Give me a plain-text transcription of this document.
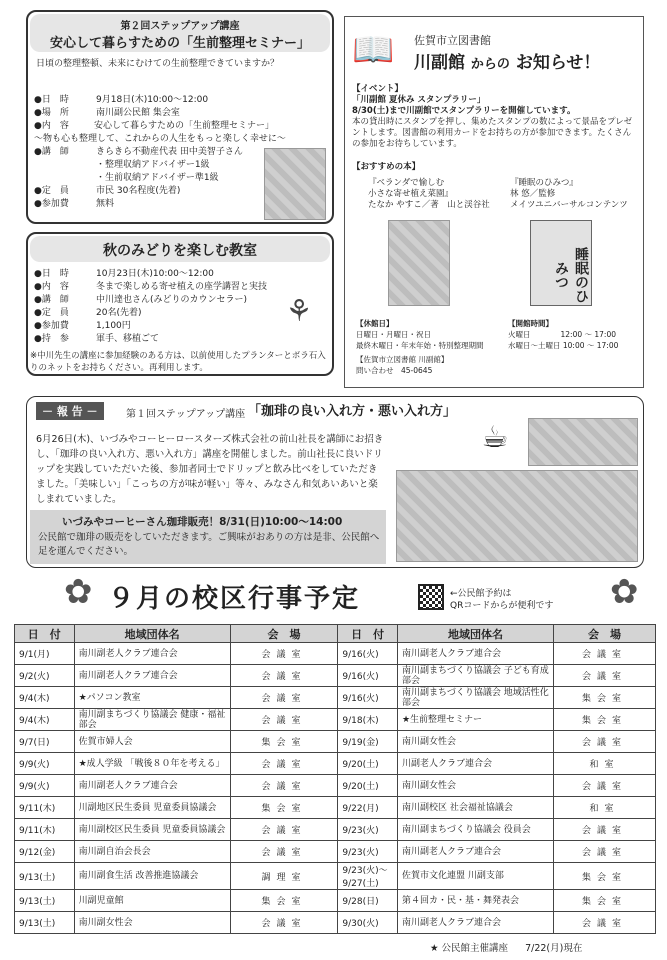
第２回ステップアップ講座
安心して暮らすための「生前整理セミナー」
日頃の整理整頓、未来にむけての生前整理できていますか？
●日　時	9月18日(木)10:00～12:00
●場　所	南川副公民館 集会室
●内　容	安心して暮らすための「生前整理セミナー」
～物も心も整理して、これからの人生をもっと楽しく幸せに～
●講　師	きらきら不動産代表 田中美智子さん
・整理収納アドバイザー1級
・生前収納アドバイザー準1級
●定　員	市民 30名程度(先着)
●参加費	無料
秋のみどりを楽しむ教室
●日　時	10月23日(木)10:00～12:00
●内　容	冬まで楽しめる寄せ植えの座学講習と実技
●講　師	中川達也さん(みどりのカウンセラー)
●定　員	20名(先着)
●参加費	1,100円
●持　参	軍手、移植ごて
※中川先生の講座に参加経験のある方は、以前使用したプランターとボラ石入りのネットをお持ちください。再利用します。
⚘
📖	佐賀市立図書館
川副館 からの お知らせ！
【イベント】
「川副館 夏休み スタンプラリー」
8/30(土)まで川副館でスタンプラリーを開催しています。
本の貸出時にスタンプを押し、集めたスタンプの数によって景品をプレゼントします。図書館の利用カードをお持ちの方が参加できます。たくさんの参加をお待ちしています。
【おすすめの本】
『ベランダで愉しむ
小さな寄せ植え菜園』
たなか やすこ／著　山と渓谷社
『睡眠のひみつ』
林 悠／監修
メイツユニバーサルコンテンツ
睡眠のひみつ
【休館日】
日曜日・月曜日・祝日
最終木曜日・年末年始・特別整理期間
【開館時間】
火曜日　　　　12:00 ～ 17:00
水曜日～土曜日 10:00 ～ 17:00
【佐賀市立図書館 川副館】
問い合わせ　45-0645
－ 報 告 －	第１回ステップアップ講座 「珈琲の良い入れ方・悪い入れ方」
6月26日(木)、いづみやコーヒーロースターズ株式会社の前山社長を講師にお招きし、「珈琲の良い入れ方、悪い入れ方」講座を開催しました。前山社長に良いドリップを実践していただいた後、参加者同士でドリップと飲み比べをしていただきました。「美味しい」「こっちの方が味が軽い」等々、みなさん和気あいあいと楽しまれていました。
☕
いづみやコーヒーさん珈琲販売！8/31(日)10:00～14:00
公民館で珈琲の販売をしていただきます。ご興味がおありの方は是非、公民館へ足を運んでください。
✿	✿
９月の校区行事予定	←公民館予約は
QRコードからが便利です
日　付	地域団体名	会　場	日　付	地域団体名	会　場
9/1(月)	南川副老人クラブ連合会	会議室	9/16(火)	南川副老人クラブ連合会	会議室
9/2(火)	南川副老人クラブ連合会	会議室	9/16(火)	南川副まちづくり協議会 子ども育成部会	会議室
9/4(木)	★パソコン教室	会議室	9/16(火)	南川副まちづくり協議会 地域活性化部会	集会室
9/4(木)	南川副まちづくり協議会 健康・福祉部会	会議室	9/18(木)	★生前整理セミナー	集会室
9/7(日)	佐賀市婦人会	集会室	9/19(金)	南川副女性会	会議室
9/9(火)	★成人学級 「戦後８０年を考える」	会議室	9/20(土)	川副老人クラブ連合会	和室
9/9(火)	南川副老人クラブ連合会	会議室	9/20(土)	南川副女性会	会議室
9/11(木)	川副地区民生委員 児童委員協議会	集会室	9/22(月)	南川副校区 社会福祉協議会	和室
9/11(木)	南川副校区民生委員 児童委員協議会	会議室	9/23(火)	南川副まちづくり協議会 役員会	会議室
9/12(金)	南川副自治会長会	会議室	9/23(火)	南川副老人クラブ連合会	会議室
9/13(土)	南川副食生活 改善推進協議会	調理室	9/23(火)～ 9/27(土)	佐賀市文化連盟 川副支部	集会室
9/13(土)	川副児童館	集会室	9/28(日)	第４回カ・民・基・舞発表会	集会室
9/13(土)	南川副女性会	会議室	9/30(火)	南川副老人クラブ連合会	会議室
★ 公民館主催講座 7/22(月)現在
